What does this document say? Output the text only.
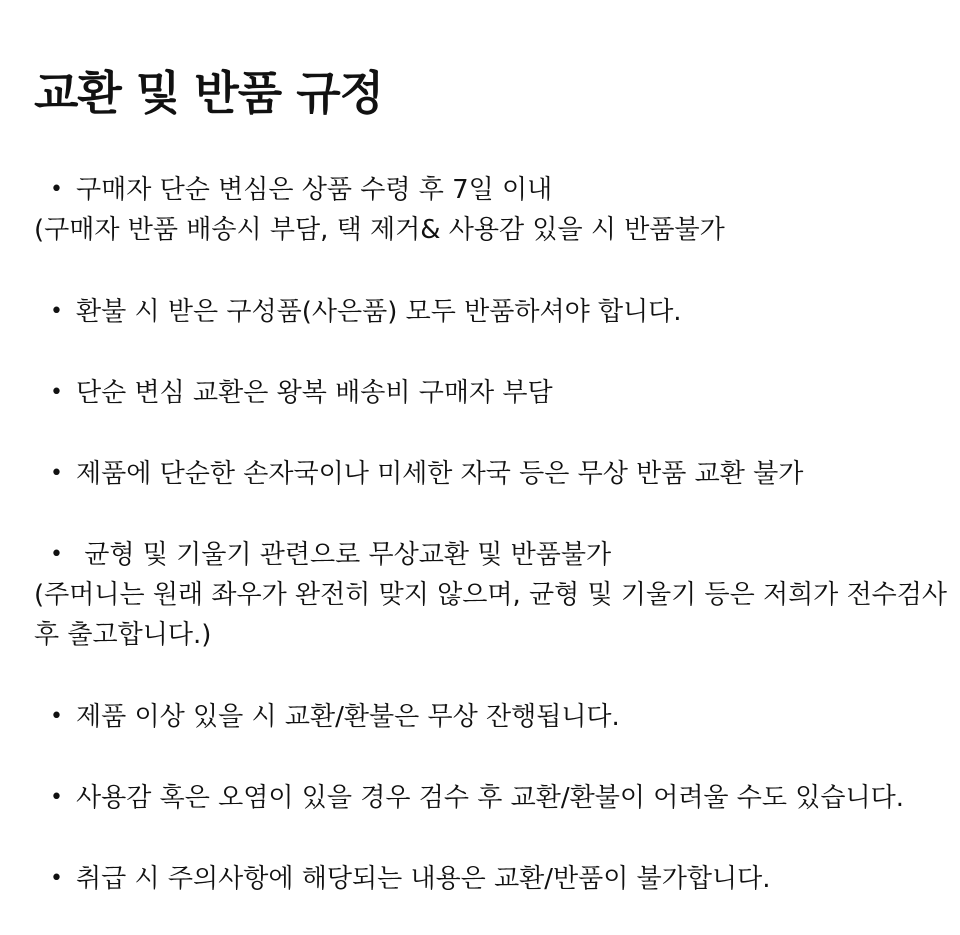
교환 및 반품 규정
• 구매자 단순 변심은 상품 수령 후 7일 이내
(구매자 반품 배송시 부담, 택 제거& 사용감 있을 시 반품불가
• 환불 시 받은 구성품(사은품) 모두 반품하셔야 합니다.
• 단순 변심 교환은 왕복 배송비 구매자 부담
• 제품에 단순한 손자국이나 미세한 자국 등은 무상 반품 교환 불가
• 균형 및 기울기 관련으로 무상교환 및 반품불가
(주머니는 원래 좌우가 완전히 맞지 않으며, 균형 및 기울기 등은 저희가 전수검사
후 출고합니다.)
• 제품 이상 있을 시 교환/환불은 무상 잔행됩니다.
• 사용감 혹은 오염이 있을 경우 검수 후 교환/환불이 어려울 수도 있습니다.
• 취급 시 주의사항에 해당되는 내용은 교환/반품이 불가합니다.
